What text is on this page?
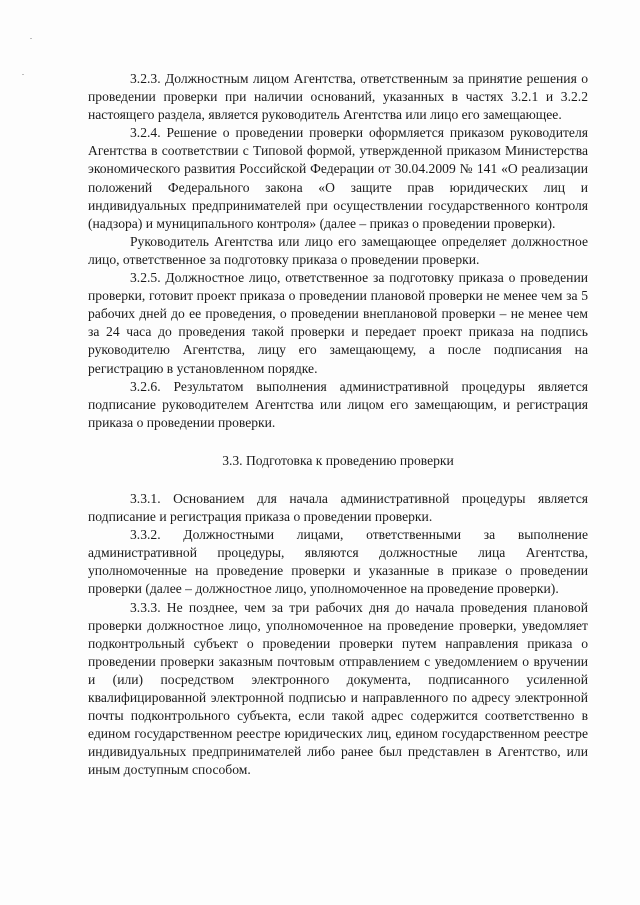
3.2.3. Должностным лицом Агентства, ответственным за принятие решения о проведении проверки при наличии оснований, указанных в частях 3.2.1 и 3.2.2 настоящего раздела, является руководитель Агентства или лицо его замещающее.

3.2.4. Решение о проведении проверки оформляется приказом руководителя Агентства в соответствии с Типовой формой, утвержденной приказом Министерства экономического развития Российской Федерации от 30.04.2009 № 141 «О реализации положений Федерального закона «О защите прав юридических лиц и индивидуальных предпринимателей при осуществлении государственного контроля (надзора) и муниципального контроля» (далее – приказ о проведении проверки).

Руководитель Агентства или лицо его замещающее определяет должностное лицо, ответственное за подготовку приказа о проведении проверки.

3.2.5. Должностное лицо, ответственное за подготовку приказа о проведении проверки, готовит проект приказа о проведении плановой проверки не менее чем за 5 рабочих дней до ее проведения, о проведении внеплановой проверки – не менее чем за 24 часа до проведения такой проверки и передает проект приказа на подпись руководителю Агентства, лицу его замещающему, а после подписания на регистрацию в установленном порядке.

3.2.6. Результатом выполнения административной процедуры является подписание руководителем Агентства или лицом его замещающим, и регистрация приказа о проведении проверки.

3.3. Подготовка к проведению проверки

3.3.1. Основанием для начала административной процедуры является подписание и регистрация приказа о проведении проверки.

3.3.2. Должностными лицами, ответственными за выполнение административной процедуры, являются должностные лица Агентства, уполномоченные на проведение проверки и указанные в приказе о проведении проверки (далее – должностное лицо, уполномоченное на проведение проверки).

3.3.3. Не позднее, чем за три рабочих дня до начала проведения плановой проверки должностное лицо, уполномоченное на проведение проверки, уведомляет подконтрольный субъект о проведении проверки путем направления приказа о проведении проверки заказным почтовым отправлением с уведомлением о вручении и (или) посредством электронного документа, подписанного усиленной квалифицированной электронной подписью и направленного по адресу электронной почты подконтрольного субъекта, если такой адрес содержится соответственно в едином государственном реестре юридических лиц, едином государственном реестре индивидуальных предпринимателей либо ранее был представлен в Агентство, или иным доступным способом.
